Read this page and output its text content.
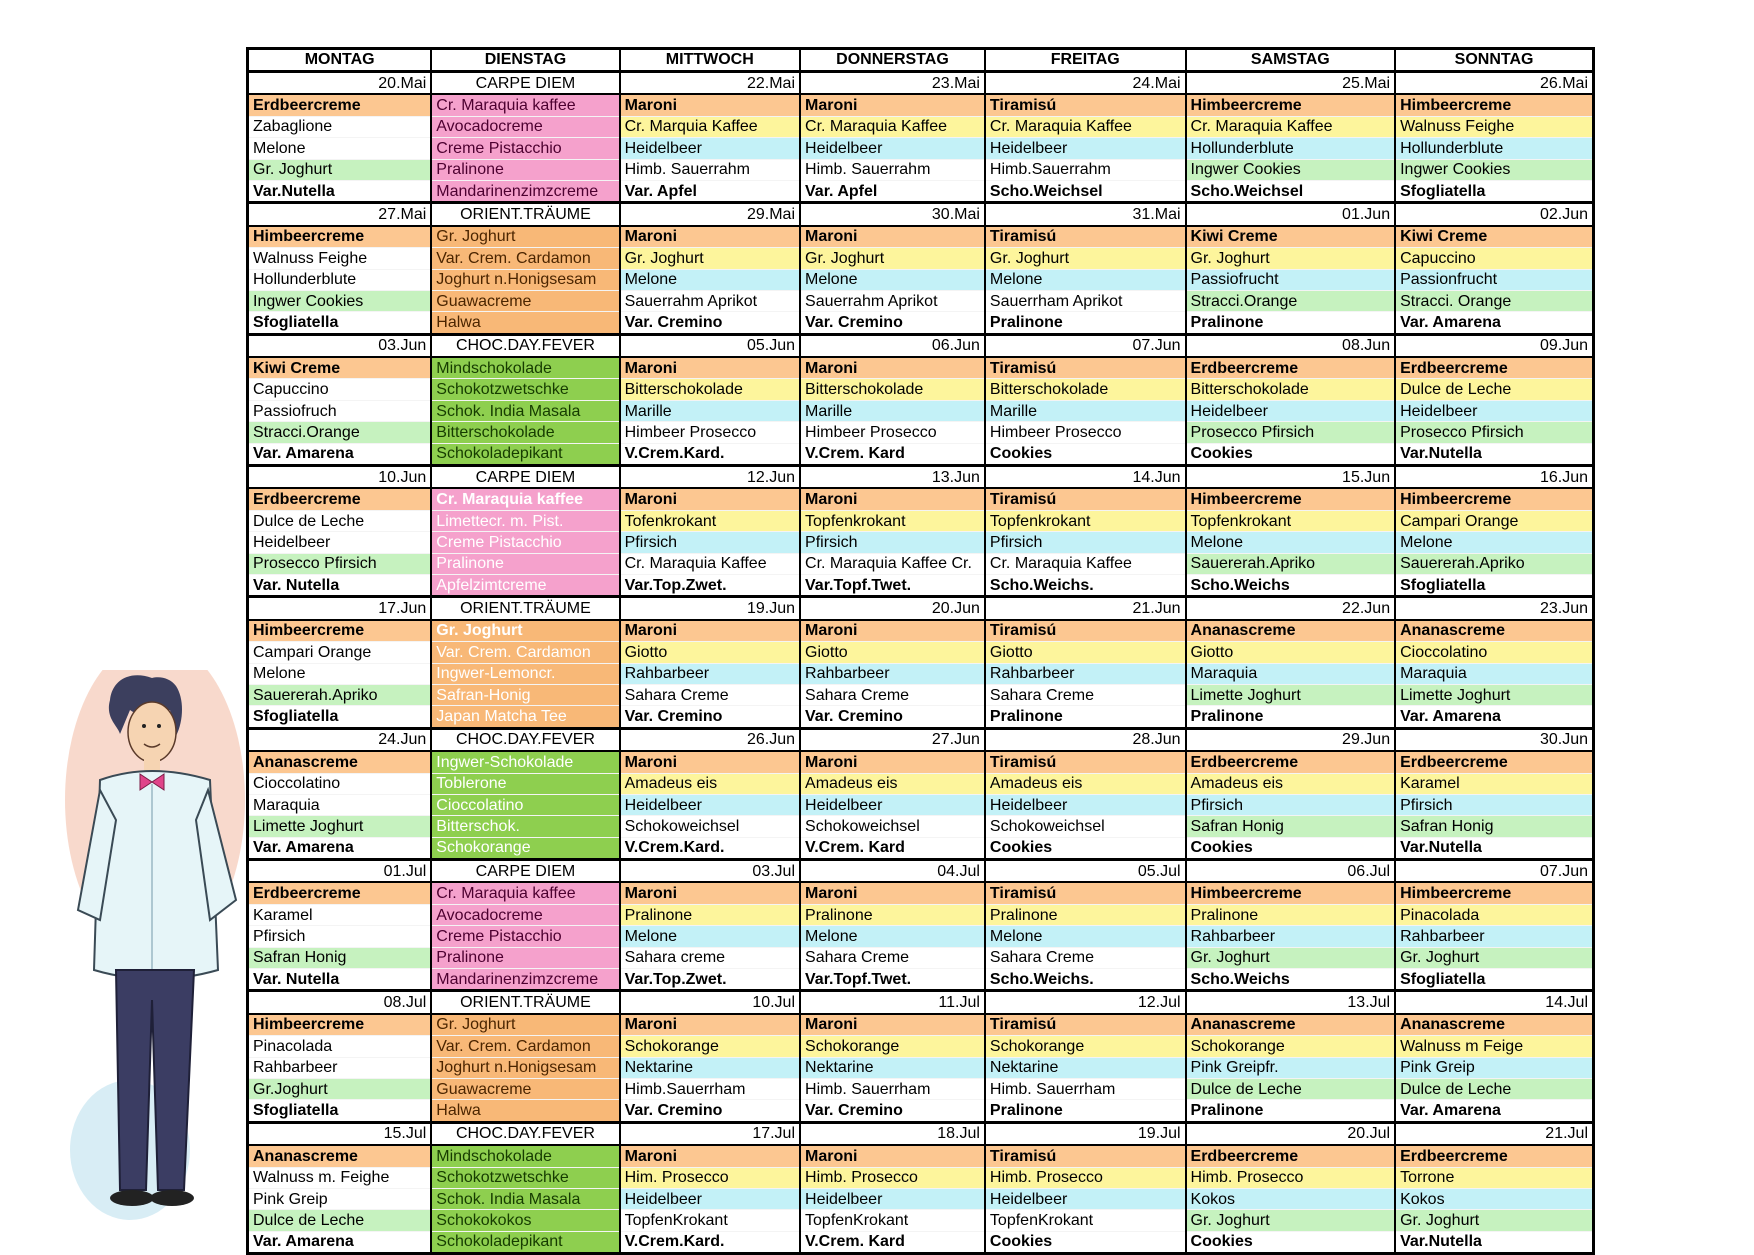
MONTAG	DIENSTAG	MITTWOCH	DONNERSTAG	FREITAG	SAMSTAG	SONNTAG
20.Mai	CARPE DIEM	22.Mai	23.Mai	24.Mai	25.Mai	26.Mai
Erdbeercreme	Cr. Maraquia kaffee	Maroni	Maroni	Tiramisú	Himbeercreme	Himbeercreme
Zabaglione	Avocadocreme	Cr. Marquia Kaffee	Cr. Maraquia Kaffee	Cr. Maraquia Kaffee	Cr. Maraquia Kaffee	Walnuss Feighe
Melone	Creme Pistacchio	Heidelbeer	Heidelbeer	Heidelbeer	Hollunderblute	Hollunderblute
Gr. Joghurt	Pralinone	Himb. Sauerrahm	Himb. Sauerrahm	Himb.Sauerrahm	Ingwer Cookies	Ingwer Cookies
Var.Nutella	Mandarinenzimzcreme	Var. Apfel	Var. Apfel	Scho.Weichsel	Scho.Weichsel	Sfogliatella
27.Mai	ORIENT.TRÄUME	29.Mai	30.Mai	31.Mai	01.Jun	02.Jun
Himbeercreme	Gr. Joghurt	Maroni	Maroni	Tiramisú	Kiwi Creme	Kiwi Creme
Walnuss Feighe	Var. Crem. Cardamon	Gr. Joghurt	Gr. Joghurt	Gr. Joghurt	Gr. Joghurt	Capuccino
Hollunderblute	Joghurt n.Honigsesam	Melone	Melone	Melone	Passiofrucht	Passionfrucht
Ingwer Cookies	Guawacreme	Sauerrahm Aprikot	Sauerrahm Aprikot	Sauerrham Aprikot	Stracci.Orange	Stracci. Orange
Sfogliatella	Halwa	Var. Cremino	Var. Cremino	Pralinone	Pralinone	Var. Amarena
03.Jun	CHOC.DAY.FEVER	05.Jun	06.Jun	07.Jun	08.Jun	09.Jun
Kiwi Creme	Mindschokolade	Maroni	Maroni	Tiramisú	Erdbeercreme	Erdbeercreme
Capuccino	Schokotzwetschke	Bitterschokolade	Bitterschokolade	Bitterschokolade	Bitterschokolade	Dulce de Leche
Passiofruch	Schok. India Masala	Marille	Marille	Marille	Heidelbeer	Heidelbeer
Stracci.Orange	Bitterschokolade	Himbeer Prosecco	Himbeer Prosecco	Himbeer Prosecco	Prosecco Pfirsich	Prosecco Pfirsich
Var. Amarena	Schokoladepikant	V.Crem.Kard.	V.Crem. Kard	Cookies	Cookies	Var.Nutella
10.Jun	CARPE DIEM	12.Jun	13.Jun	14.Jun	15.Jun	16.Jun
Erdbeercreme	Cr. Maraquia kaffee	Maroni	Maroni	Tiramisú	Himbeercreme	Himbeercreme
Dulce de Leche	Limettecr. m. Pist.	Tofenkrokant	Topfenkrokant	Topfenkrokant	Topfenkrokant	Campari Orange
Heidelbeer	Creme Pistacchio	Pfirsich	Pfirsich	Pfirsich	Melone	Melone
Prosecco Pfirsich	Pralinone	Cr. Maraquia Kaffee	Cr. Maraquia Kaffee Cr.	Cr. Maraquia Kaffee	Sauererah.Apriko	Sauererah.Apriko
Var. Nutella	Apfelzimtcreme	Var.Top.Zwet.	Var.Topf.Twet.	Scho.Weichs.	Scho.Weichs	Sfogliatella
17.Jun	ORIENT.TRÄUME	19.Jun	20.Jun	21.Jun	22.Jun	23.Jun
Himbeercreme	Gr. Joghurt	Maroni	Maroni	Tiramisú	Ananascreme	Ananascreme
Campari Orange	Var. Crem. Cardamon	Giotto	Giotto	Giotto	Giotto	Cioccolatino
Melone	Ingwer-Lemoncr.	Rahbarbeer	Rahbarbeer	Rahbarbeer	Maraquia	Maraquia
Sauererah.Apriko	Safran-Honig	Sahara Creme	Sahara Creme	Sahara Creme	Limette Joghurt	Limette Joghurt
Sfogliatella	Japan Matcha Tee	Var. Cremino	Var. Cremino	Pralinone	Pralinone	Var. Amarena
24.Jun	CHOC.DAY.FEVER	26.Jun	27.Jun	28.Jun	29.Jun	30.Jun
Ananascreme	Ingwer-Schokolade	Maroni	Maroni	Tiramisú	Erdbeercreme	Erdbeercreme
Cioccolatino	Toblerone	Amadeus eis	Amadeus eis	Amadeus eis	Amadeus eis	Karamel
Maraquia	Cioccolatino	Heidelbeer	Heidelbeer	Heidelbeer	Pfirsich	Pfirsich
Limette Joghurt	Bitterschok.	Schokoweichsel	Schokoweichsel	Schokoweichsel	Safran Honig	Safran Honig
Var. Amarena	Schokorange	V.Crem.Kard.	V.Crem. Kard	Cookies	Cookies	Var.Nutella
01.Jul	CARPE DIEM	03.Jul	04.Jul	05.Jul	06.Jul	07.Jun
Erdbeercreme	Cr. Maraquia kaffee	Maroni	Maroni	Tiramisú	Himbeercreme	Himbeercreme
Karamel	Avocadocreme	Pralinone	Pralinone	Pralinone	Pralinone	Pinacolada
Pfirsich	Creme Pistacchio	Melone	Melone	Melone	Rahbarbeer	Rahbarbeer
Safran Honig	Pralinone	Sahara creme	Sahara Creme	Sahara Creme	Gr. Joghurt	Gr. Joghurt
Var. Nutella	Mandarinenzimzcreme	Var.Top.Zwet.	Var.Topf.Twet.	Scho.Weichs.	Scho.Weichs	Sfogliatella
08.Jul	ORIENT.TRÄUME	10.Jul	11.Jul	12.Jul	13.Jul	14.Jul
Himbeercreme	Gr. Joghurt	Maroni	Maroni	Tiramisú	Ananascreme	Ananascreme
Pinacolada	Var. Crem. Cardamon	Schokorange	Schokorange	Schokorange	Schokorange	Walnuss m Feige
Rahbarbeer	Joghurt n.Honigsesam	Nektarine	Nektarine	Nektarine	Pink Greipfr.	Pink Greip
Gr.Joghurt	Guawacreme	Himb.Sauerrham	Himb. Sauerrham	Himb. Sauerrham	Dulce de Leche	Dulce de Leche
Sfogliatella	Halwa	Var. Cremino	Var. Cremino	Pralinone	Pralinone	Var. Amarena
15.Jul	CHOC.DAY.FEVER	17.Jul	18.Jul	19.Jul	20.Jul	21.Jul
Ananascreme	Mindschokolade	Maroni	Maroni	Tiramisú	Erdbeercreme	Erdbeercreme
Walnuss m. Feighe	Schokotzwetschke	Him. Prosecco	Himb. Prosecco	Himb. Prosecco	Himb. Prosecco	Torrone
Pink Greip	Schok. India Masala	Heidelbeer	Heidelbeer	Heidelbeer	Kokos	Kokos
Dulce de Leche	Schokokokos	TopfenKrokant	TopfenKrokant	TopfenKrokant	Gr. Joghurt	Gr. Joghurt
Var. Amarena	Schokoladepikant	V.Crem.Kard.	V.Crem. Kard	Cookies	Cookies	Var.Nutella
